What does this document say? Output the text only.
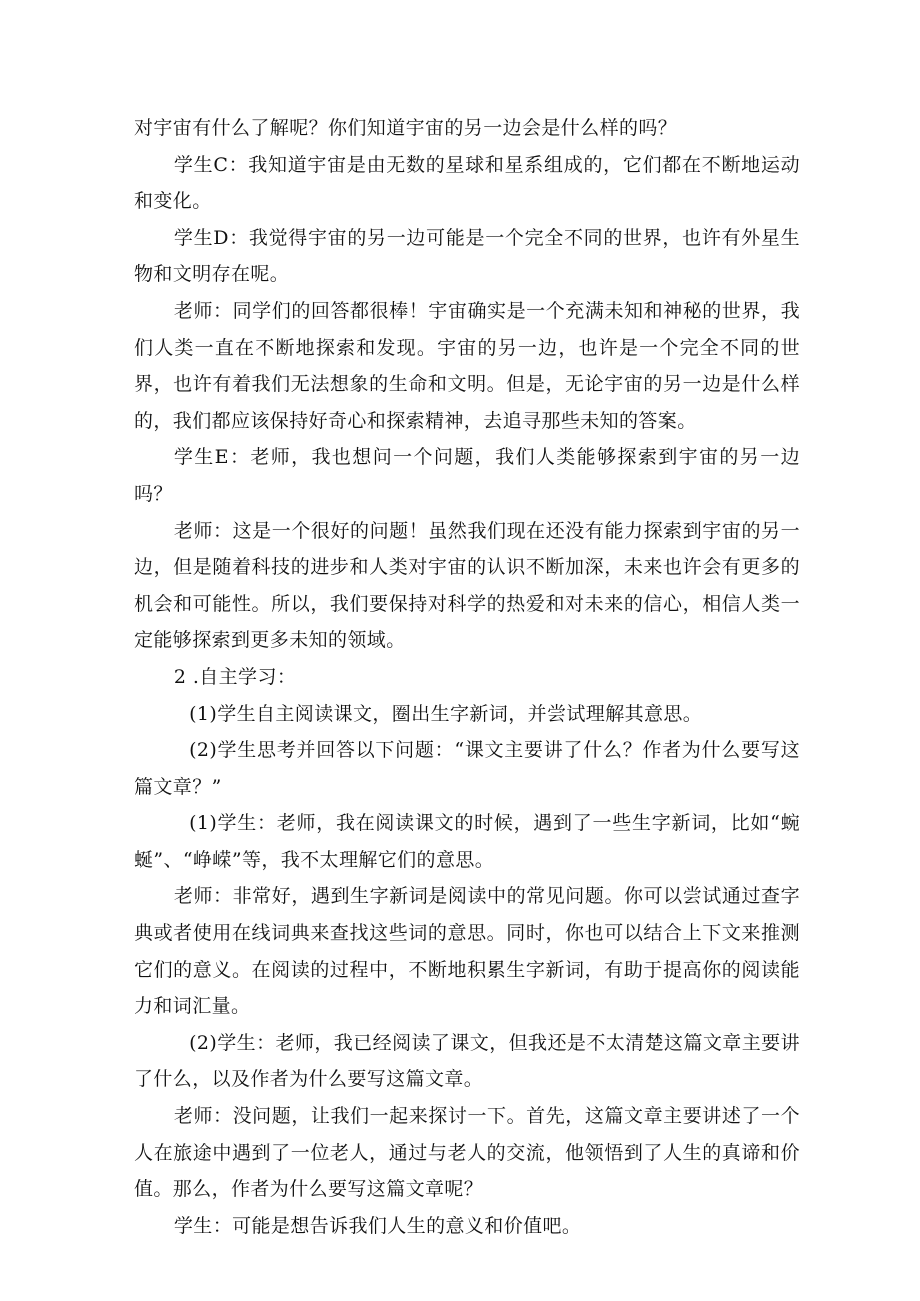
对宇宙有什么了解呢？你们知道宇宙的另一边会是什么样的吗？

学生C：我知道宇宙是由无数的星球和星系组成的，它们都在不断地运动和变化。

学生D：我觉得宇宙的另一边可能是一个完全不同的世界，也许有外星生物和文明存在呢。

老师：同学们的回答都很棒！宇宙确实是一个充满未知和神秘的世界，我们人类一直在不断地探索和发现。宇宙的另一边，也许是一个完全不同的世界，也许有着我们无法想象的生命和文明。但是，无论宇宙的另一边是什么样的，我们都应该保持好奇心和探索精神，去追寻那些未知的答案。

学生E：老师，我也想问一个问题，我们人类能够探索到宇宙的另一边吗？

老师：这是一个很好的问题！虽然我们现在还没有能力探索到宇宙的另一边，但是随着科技的进步和人类对宇宙的认识不断加深，未来也许会有更多的机会和可能性。所以，我们要保持对科学的热爱和对未来的信心，相信人类一定能够探索到更多未知的领域。

2 .自主学习：

(1)学生自主阅读课文，圈出生字新词，并尝试理解其意思。

(2)学生思考并回答以下问题：“课文主要讲了什么？作者为什么要写这篇文章？”

(1)学生：老师，我在阅读课文的时候，遇到了一些生字新词，比如“蜿蜒”、“峥嵘”等，我不太理解它们的意思。

老师：非常好，遇到生字新词是阅读中的常见问题。你可以尝试通过查字典或者使用在线词典来查找这些词的意思。同时，你也可以结合上下文来推测它们的意义。在阅读的过程中，不断地积累生字新词，有助于提高你的阅读能力和词汇量。

(2)学生：老师，我已经阅读了课文，但我还是不太清楚这篇文章主要讲了什么，以及作者为什么要写这篇文章。

老师：没问题，让我们一起来探讨一下。首先，这篇文章主要讲述了一个人在旅途中遇到了一位老人，通过与老人的交流，他领悟到了人生的真谛和价值。那么，作者为什么要写这篇文章呢？

学生：可能是想告诉我们人生的意义和价值吧。
